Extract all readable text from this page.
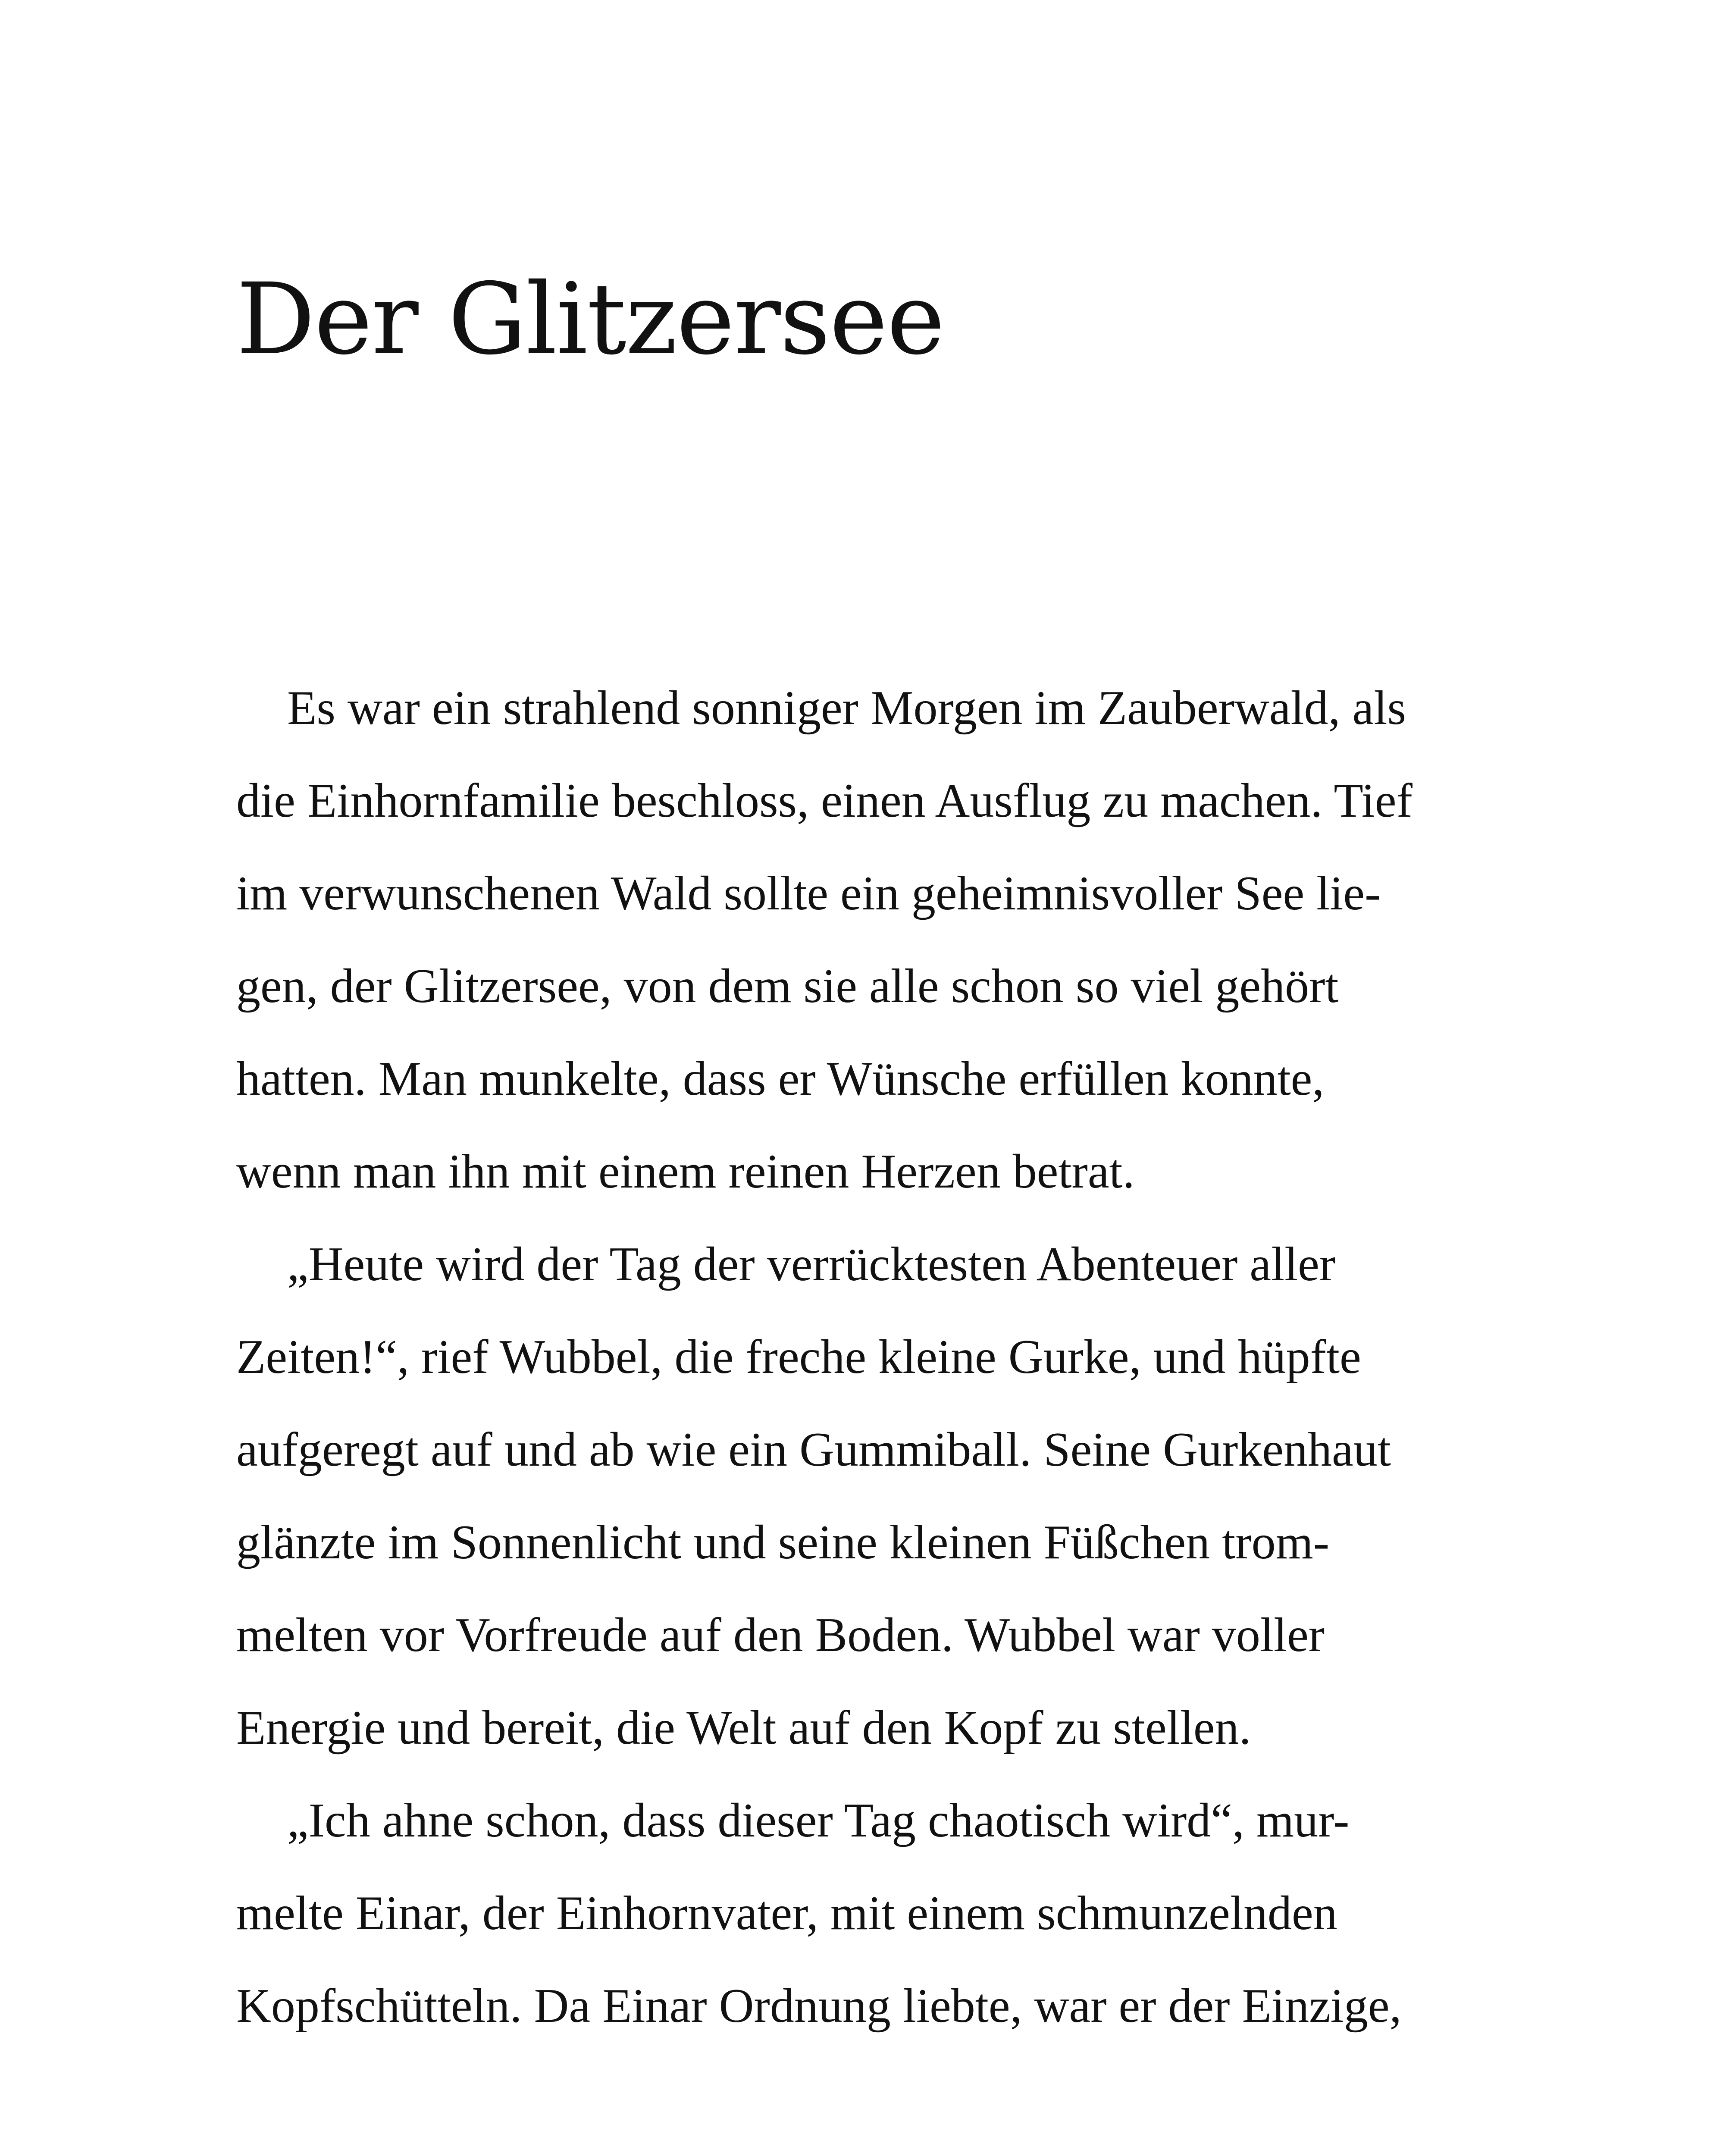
Der Glitzersee
Es war ein strahlend sonniger Morgen im Zauberwald, als
die Einhornfamilie beschloss, einen Ausflug zu machen. Tief
im verwunschenen Wald sollte ein geheimnisvoller See lie-
gen, der Glitzersee, von dem sie alle schon so viel gehört
hatten. Man munkelte, dass er Wünsche erfüllen konnte,
wenn man ihn mit einem reinen Herzen betrat.
„Heute wird der Tag der verrücktesten Abenteuer aller
Zeiten!“, rief Wubbel, die freche kleine Gurke, und hüpfte
aufgeregt auf und ab wie ein Gummiball. Seine Gurkenhaut
glänzte im Sonnenlicht und seine kleinen Füßchen trom-
melten vor Vorfreude auf den Boden. Wubbel war voller
Energie und bereit, die Welt auf den Kopf zu stellen.
„Ich ahne schon, dass dieser Tag chaotisch wird“, mur-
melte Einar, der Einhornvater, mit einem schmunzelnden
Kopfschütteln. Da Einar Ordnung liebte, war er der Einzige,
